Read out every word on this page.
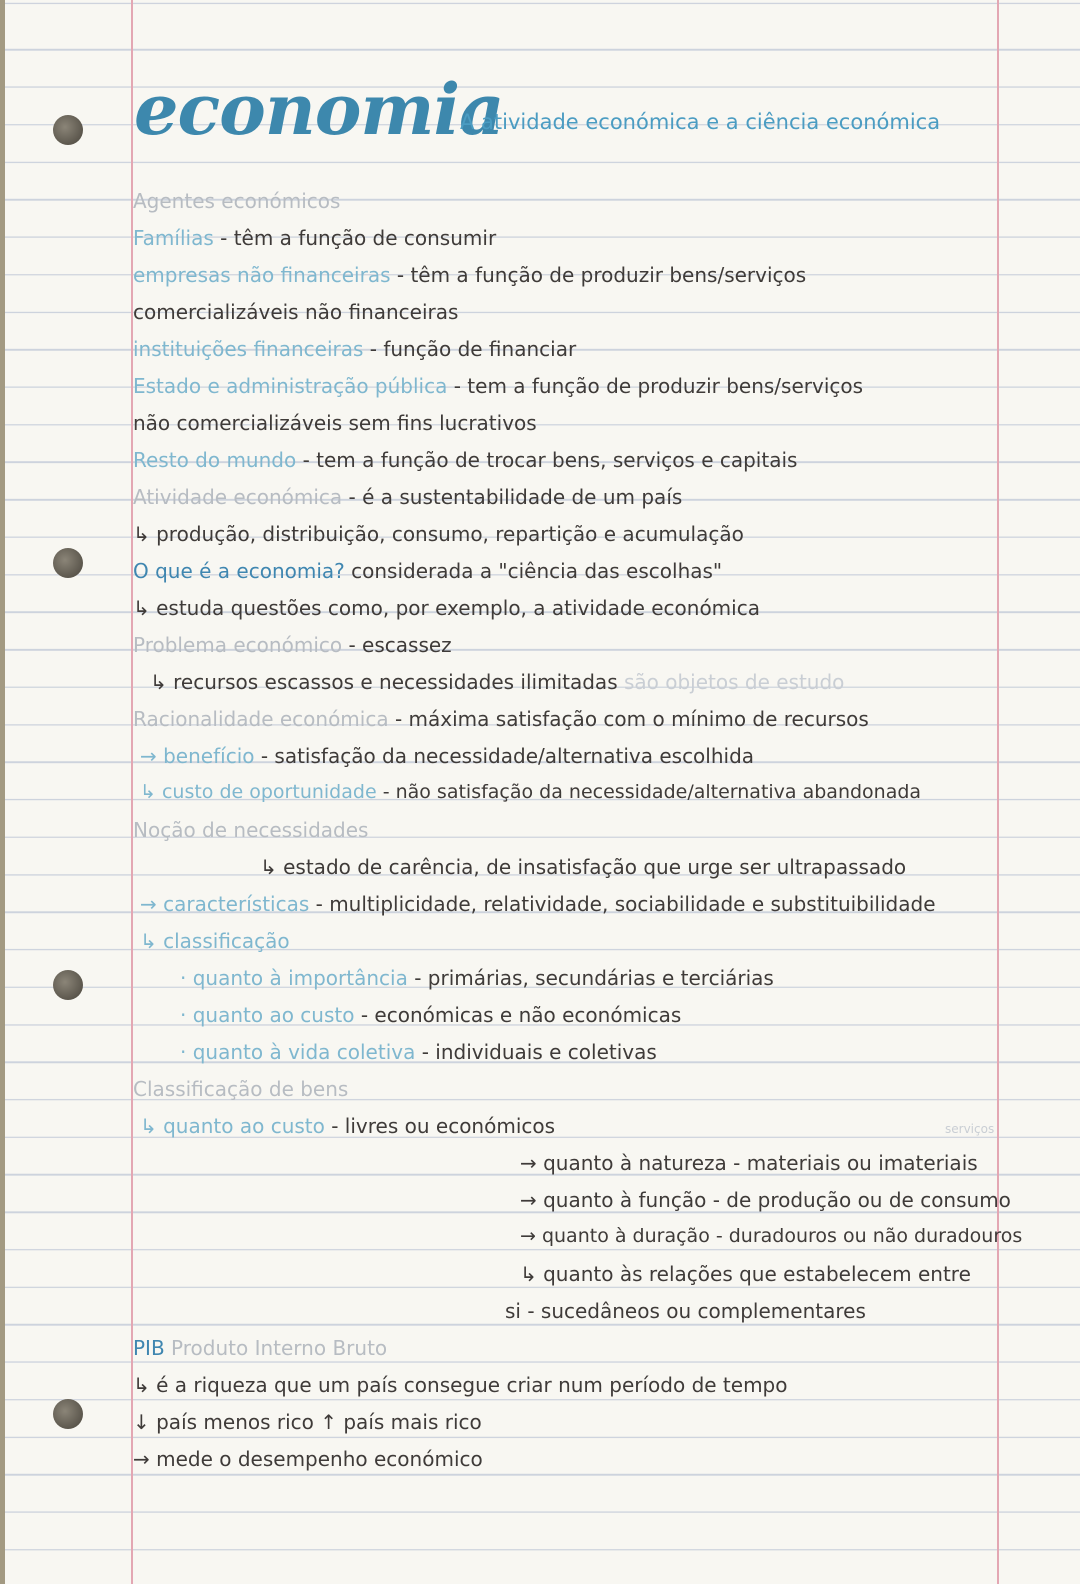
economia
A atividade económica e a ciência económica
Agentes económicos
Famílias - têm a função de consumir
empresas não financeiras - têm a função de produzir bens/serviços
comercializáveis não financeiras
instituições financeiras - função de financiar
Estado e administração pública - tem a função de produzir bens/serviços
não comercializáveis sem fins lucrativos
Resto do mundo - tem a função de trocar bens, serviços e capitais
Atividade económica - é a sustentabilidade de um país
↳ produção, distribuição, consumo, repartição e acumulação
O que é a economia? considerada a "ciência das escolhas"
↳ estuda questões como, por exemplo, a atividade económica
Problema económico - escassez
↳ recursos escassos e necessidades ilimitadas são objetos de estudo
Racionalidade económica - máxima satisfação com o mínimo de recursos
→ benefício - satisfação da necessidade/alternativa escolhida
↳ custo de oportunidade - não satisfação da necessidade/alternativa abandonada
Noção de necessidades
↳ estado de carência, de insatisfação que urge ser ultrapassado
→ características - multiplicidade, relatividade, sociabilidade e substituibilidade
↳ classificação
· quanto à importância - primárias, secundárias e terciárias
· quanto ao custo - económicas e não económicas
· quanto à vida coletiva - individuais e coletivas
Classificação de bens
↳ quanto ao custo - livres ou económicos
→ quanto à natureza - materiais ou imateriais
→ quanto à função - de produção ou de consumo
→ quanto à duração - duradouros ou não duradouros
↳ quanto às relações que estabelecem entre
si - sucedâneos ou complementares
PIB Produto Interno Bruto
↳ é a riqueza que um país consegue criar num período de tempo
↓ país menos rico ↑ país mais rico
→ mede o desempenho económico
serviços
